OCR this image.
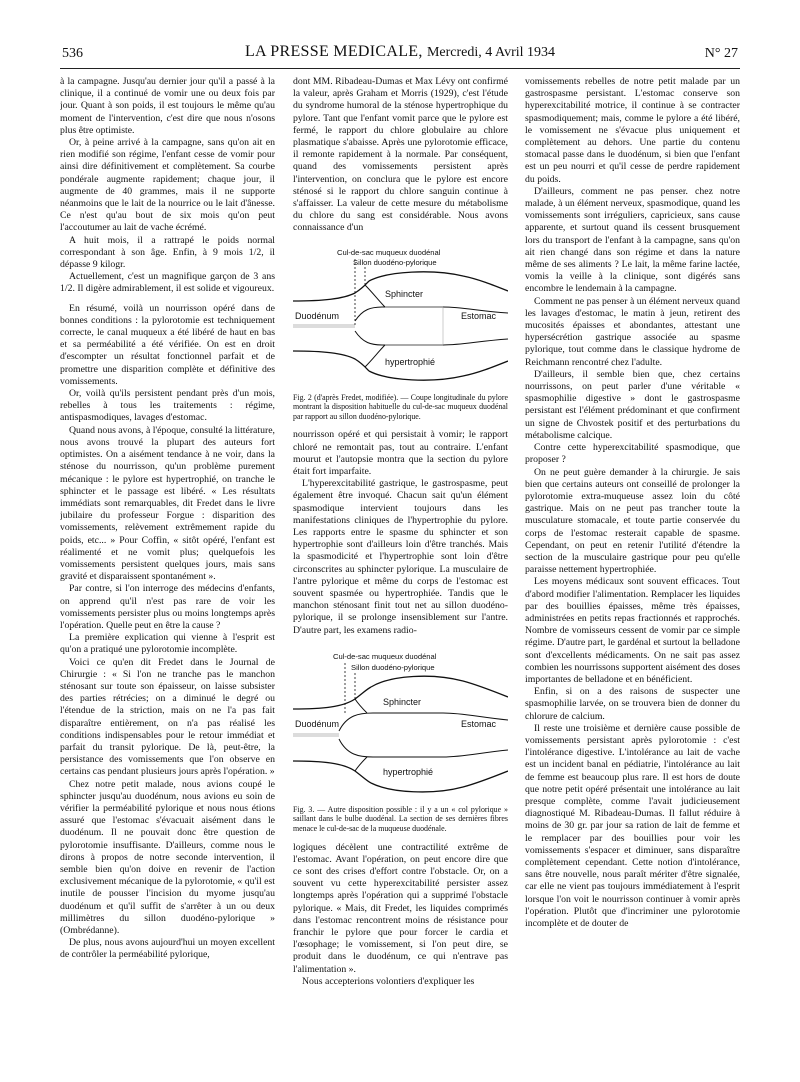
536	LA PRESSE MEDICALE, Mercredi, 4 Avril 1934	N° 27

à la campagne. Jusqu'au dernier jour qu'il a passé à la clinique, il a continué de vomir une ou deux fois par jour. Quant à son poids, il est toujours le même qu'au moment de l'intervention, c'est dire que nous n'osons plus être optimiste.

Or, à peine arrivé à la campagne, sans qu'on ait en rien modifié son régime, l'enfant cesse de vomir pour ainsi dire définitivement et complètement. Sa courbe pondérale augmente rapidement; chaque jour, il augmente de 40 grammes, mais il ne supporte néanmoins que le lait de la nourrice ou le lait d'ânesse. Ce n'est qu'au bout de six mois qu'on peut l'accoutumer au lait de vache écrémé.

A huit mois, il a rattrapé le poids normal correspondant à son âge. Enfin, à 9 mois 1/2, il dépasse 9 kilogr.

Actuellement, c'est un magnifique garçon de 3 ans 1/2. Il digère admirablement, il est solide et vigoureux.

En résumé, voilà un nourrisson opéré dans de bonnes conditions : la pylorotomie est techniquement correcte, le canal muqueux a été libéré de haut en bas et sa perméabilité a été vérifiée. On est en droit d'escompter un résultat fonctionnel parfait et de promettre une disparition complète et définitive des vomissements.

Or, voilà qu'ils persistent pendant près d'un mois, rebelles à tous les traitements : régime, antispasmodiques, lavages d'estomac.

Quand nous avons, à l'époque, consulté la littérature, nous avons trouvé la plupart des auteurs fort optimistes. On a aisément tendance à ne voir, dans la sténose du nourrisson, qu'un problème purement mécanique : le pylore est hypertrophié, on tranche le sphincter et le passage est libéré. « Les résultats immédiats sont remarquables, dit Fredet dans le livre jubilaire du professeur Forgue : disparition des vomissements, relèvement extrêmement rapide du poids, etc... » Pour Coffin, « sitôt opéré, l'enfant est réalimenté et ne vomit plus; quelquefois les vomissements persistent quelques jours, mais sans gravité et disparaissent spontanément ».

Par contre, si l'on interroge des médecins d'enfants, on apprend qu'il n'est pas rare de voir les vomissements persister plus ou moins longtemps après l'opération. Quelle peut en être la cause ?

La première explication qui vienne à l'esprit est qu'on a pratiqué une pylorotomie incomplète.

Voici ce qu'en dit Fredet dans le Journal de Chirurgie : « Si l'on ne tranche pas le manchon sténosant sur toute son épaisseur, on laisse subsister des parties rétrécies; on a diminué le degré ou l'étendue de la striction, mais on ne l'a pas fait disparaître entièrement, on n'a pas réalisé les conditions indispensables pour le retour immédiat et parfait du transit pylorique. De là, peut-être, la persistance des vomissements que l'on observe en certains cas pendant plusieurs jours après l'opération. »

Chez notre petit malade, nous avions coupé le sphincter jusqu'au duodénum, nous avions eu soin de vérifier la perméabilité pylorique et nous nous étions assuré que l'estomac s'évacuait aisément dans le duodénum. Il ne pouvait donc être question de pylorotomie insuffisante. D'ailleurs, comme nous le dirons à propos de notre seconde intervention, il semble bien qu'on doive en revenir de l'action exclusivement mécanique de la pylorotomie, « qu'il est inutile de pousser l'incision du myome jusqu'au duodénum et qu'il suffit de s'arrêter à un ou deux millimètres du sillon duodéno-pylorique » (Ombrédanne).

De plus, nous avons aujourd'hui un moyen excellent de contrôler la perméabilité pylorique,

dont MM. Ribadeau-Dumas et Max Lévy ont confirmé la valeur, après Graham et Morris (1929), c'est l'étude du syndrome humoral de la sténose hypertrophique du pylore. Tant que l'enfant vomit parce que le pylore est fermé, le rapport du chlore globulaire au chlore plasmatique s'abaisse. Après une pylorotomie efficace, il remonte rapidement à la normale. Par conséquent, quand des vomissements persistent après l'intervention, on conclura que le pylore est encore sténosé si le rapport du chlore sanguin continue à s'affaisser. La valeur de cette mesure du métabolisme du chlore du sang est considérable. Nous avons connaissance d'un

Cul-de-sac muqueux duodénal
Sillon duodéno-pylorique
Sphincter
hypertrophié
Duodénum	Estomac
Fig. 2 (d'après Fredet, modifiée). — Coupe longitudinale du pylore montrant la disposition habituelle du cul-de-sac muqueux duodénal par rapport au sillon duodéno-pylorique.

nourrisson opéré et qui persistait à vomir; le rapport chloré ne remontait pas, tout au contraire. L'enfant mourut et l'autopsie montra que la section du pylore était fort imparfaite.

L'hyperexcitabilité gastrique, le gastrospasme, peut également être invoqué. Chacun sait qu'un élément spasmodique intervient toujours dans les manifestations cliniques de l'hypertrophie du pylore. Les rapports entre le spasme du sphincter et son hypertrophie sont d'ailleurs loin d'être tranchés. Mais la spasmodicité et l'hypertrophie sont loin d'être circonscrites au sphincter pylorique. La musculaire de l'antre pylorique et même du corps de l'estomac est souvent spasmée ou hypertrophiée. Tandis que le manchon sténosant finit tout net au sillon duodéno-pylorique, il se prolonge insensiblement sur l'antre. D'autre part, les examens radio-

Cul-de-sac muqueux duodénal
Sillon duodéno-pylorique
Sphincter
hypertrophié
Duodénum	Estomac
Fig. 3. — Autre disposition possible : il y a un « col pylorique » saillant dans le bulbe duodénal. La section de ses dernières fibres menace le cul-de-sac de la muqueuse duodénale.

logiques décèlent une contractilité extrême de l'estomac. Avant l'opération, on peut encore dire que ce sont des crises d'effort contre l'obstacle. Or, on a souvent vu cette hyperexcitabilité persister assez longtemps après l'opération qui a supprimé l'obstacle pylorique. « Mais, dit Fredet, les liquides comprimés dans l'estomac rencontrent moins de résistance pour franchir le pylore que pour forcer le cardia et l'œsophage; le vomissement, si l'on peut dire, se produit dans le duodénum, ce qui n'entrave pas l'alimentation ».

Nous accepterions volontiers d'expliquer les

vomissements rebelles de notre petit malade par un gastrospasme persistant. L'estomac conserve son hyperexcitabilité motrice, il continue à se contracter spasmodiquement; mais, comme le pylore a été libéré, le vomissement ne s'évacue plus uniquement et complètement au dehors. Une partie du contenu stomacal passe dans le duodénum, si bien que l'enfant est un peu nourri et qu'il cesse de perdre rapidement du poids.

D'ailleurs, comment ne pas penser. chez notre malade, à un élément nerveux, spasmodique, quand les vomissements sont irréguliers, capricieux, sans cause apparente, et surtout quand ils cessent brusquement lors du transport de l'enfant à la campagne, sans qu'on ait rien changé dans son régime et dans la nature même de ses aliments ? Le lait, la même farine lactée, vomis la veille à la clinique, sont digérés sans encombre le lendemain à la campagne.

Comment ne pas penser à un élément nerveux quand les lavages d'estomac, le matin à jeun, retirent des mucosités épaisses et abondantes, attestant une hypersécrétion gastrique associée au spasme pylorique, tout comme dans le classique hydrome de Reichmann rencontré chez l'adulte.

D'ailleurs, il semble bien que, chez certains nourrissons, on peut parler d'une véritable « spasmophilie digestive » dont le gastrospasme persistant est l'élément prédominant et que confirment un signe de Chvostek positif et des perturbations du métabolisme calcique.

Contre cette hyperexcitabilité spasmodique, que proposer ?

On ne peut guère demander à la chirurgie. Je sais bien que certains auteurs ont conseillé de prolonger la pylorotomie extra-muqueuse assez loin du côté gastrique. Mais on ne peut pas trancher toute la musculature stomacale, et toute partie conservée du corps de l'estomac resterait capable de spasme. Cependant, on peut en retenir l'utilité d'étendre la section de la musculaire gastrique pour peu qu'elle paraisse nettement hypertrophiée.

Les moyens médicaux sont souvent efficaces. Tout d'abord modifier l'alimentation. Remplacer les liquides par des bouillies épaisses, même très épaisses, administrées en petits repas fractionnés et rapprochés. Nombre de vomisseurs cessent de vomir par ce simple régime. D'autre part, le gardénal et surtout la belladone sont d'excellents médicaments. On ne sait pas assez combien les nourrissons supportent aisément des doses importantes de belladone et en bénéficient.

Enfin, si on a des raisons de suspecter une spasmophilie larvée, on se trouvera bien de donner du chlorure de calcium.

Il reste une troisième et dernière cause possible de vomissements persistant après pylorotomie : c'est l'intolérance digestive. L'intolérance au lait de vache est un incident banal en pédiatrie, l'intolérance au lait de femme est beaucoup plus rare. Il est hors de doute que notre petit opéré présentait une intolérance au lait presque complète, comme l'avait judicieusement diagnostiqué M. Ribadeau-Dumas. Il fallut réduire à moins de 30 gr. par jour sa ration de lait de femme et le remplacer par des bouillies pour voir les vomissements s'espacer et diminuer, sans disparaître complètement cependant. Cette notion d'intolérance, sans être nouvelle, nous paraît mériter d'être signalée, car elle ne vient pas toujours immédiatement à l'esprit lorsque l'on voit le nourrisson continuer à vomir après l'opération. Plutôt que d'incriminer une pylorotomie incomplète et de douter de
